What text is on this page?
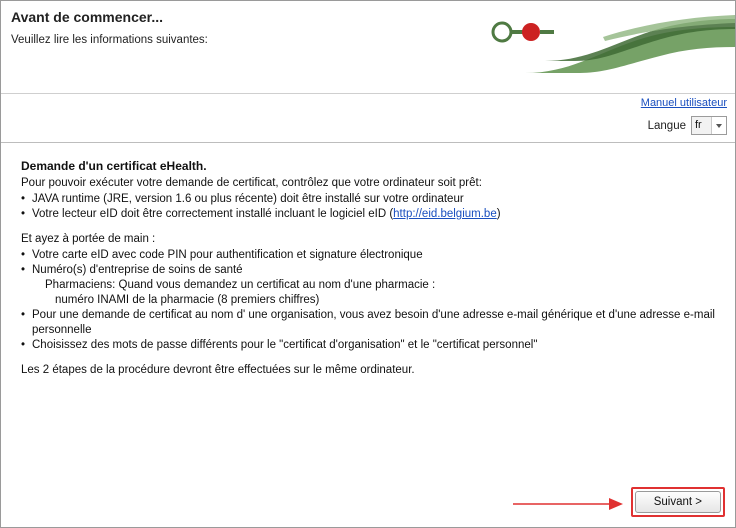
Avant de commencer...
Veuillez lire les informations suivantes:	Health
Manuel utilisateur
Langue fr
Demande d'un certificat eHealth.
Pour pouvoir exécuter votre demande de certificat, contrôlez que votre ordinateur soit prêt:
• JAVA runtime (JRE, version 1.6 ou plus récente) doit être installé sur votre ordinateur
• Votre lecteur eID doit être correctement installé incluant le logiciel eID (http://eid.belgium.be)
Et ayez à portée de main :
• Votre carte eID avec code PIN pour authentification et signature électronique
• Numéro(s) d'entreprise de soins de santé
Pharmaciens: Quand vous demandez un certificat au nom d'une pharmacie :
numéro INAMI de la pharmacie (8 premiers chiffres)
• Pour une demande de certificat au nom d' une organisation, vous avez besoin d'une adresse e-mail générique et d'une adresse e-mail personnelle
• Choisissez des mots de passe différents pour le "certificat d'organisation" et le "certificat personnel"
Les 2 étapes de la procédure devront être effectuées sur le même ordinateur.
Suivant >
